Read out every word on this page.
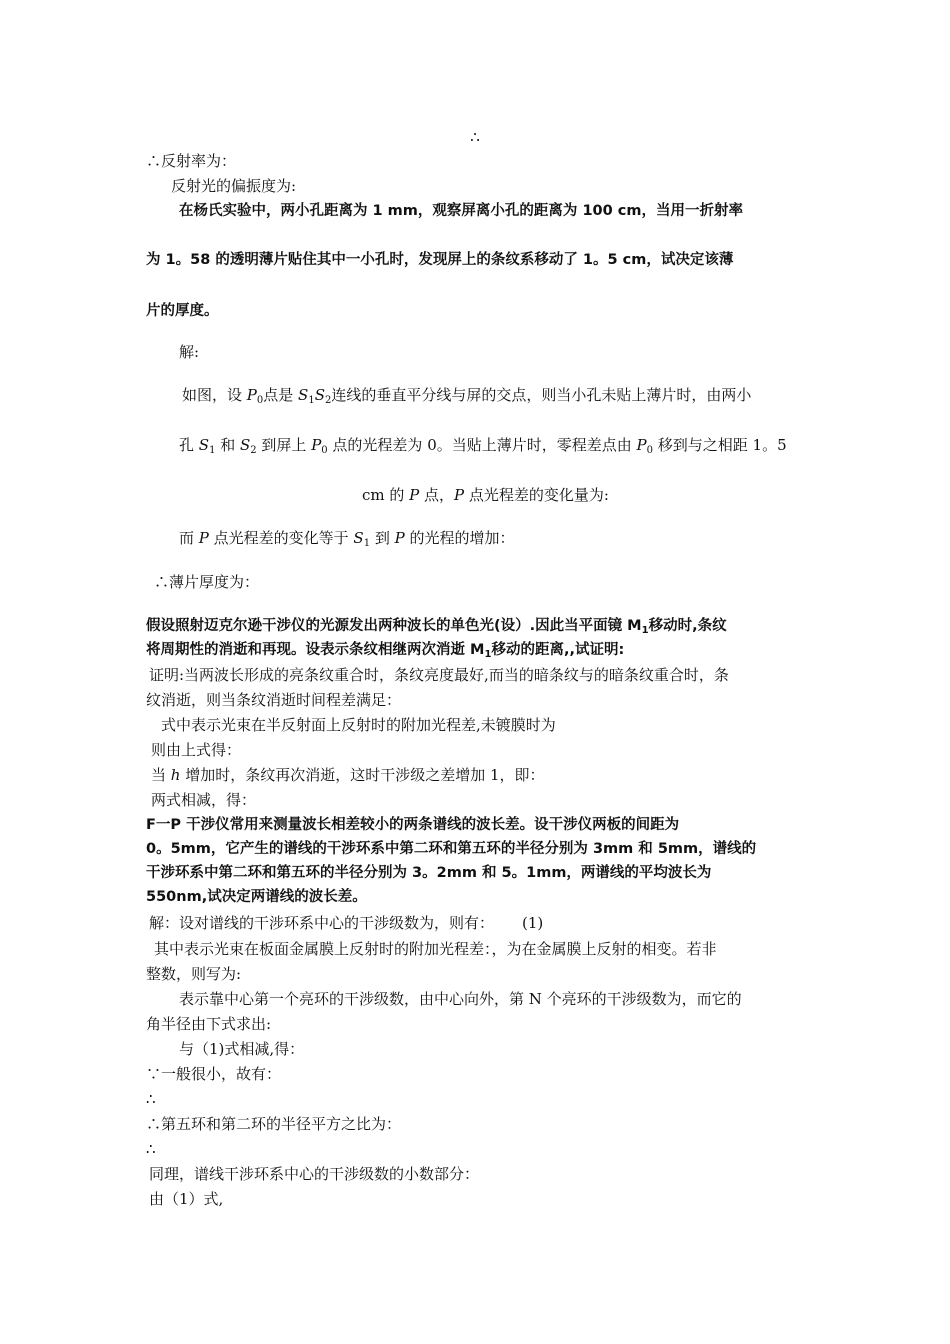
∴
∴反射率为：
反射光的偏振度为:
在杨氏实验中，两小孔距离为 1 mm，观察屏离小孔的距离为 100 cm，当用一折射率
为 1。58 的透明薄片贴住其中一小孔时，发现屏上的条纹系移动了 1。5 cm，试决定该薄
片的厚度。
解:
如图，设 $P_0$点是 $S_1S_2$连线的垂直平分线与屏的交点，则当小孔未贴上薄片时，由两小
孔 $S_1$ 和 $S_2$ 到屏上 $P_0$ 点的光程差为 0。当贴上薄片时，零程差点由 $P_0$ 移到与之相距 1。5
cm 的 P 点，P 点光程差的变化量为:
而 P 点光程差的变化等于 $S_1$ 到 P 的光程的增加：
∴薄片厚度为：
假设照射迈克尔逊干涉仪的光源发出两种波长的单色光(设）.因此当平面镜 $M_1$移动时,条纹
将周期性的消逝和再现。设表示条纹相继两次消逝 $M_1$移动的距离,,试证明:
证明:当两波长形成的亮条纹重合时，条纹亮度最好,而当的暗条纹与的暗条纹重合时，条
纹消逝，则当条纹消逝时间程差满足：
式中表示光束在半反射面上反射时的附加光程差,未镀膜时为
则由上式得：
当 h 增加时，条纹再次消逝，这时干涉级之差增加 1，即：
两式相减，得：
F一P 干涉仪常用来测量波长相差较小的两条谱线的波长差。设干涉仪两板的间距为
0。5mm，它产生的谱线的干涉环系中第二环和第五环的半径分别为 3mm 和 5mm，谱线的
干涉环系中第二环和第五环的半径分别为 3。2mm 和 5。1mm，两谱线的平均波长为
550nm,试决定两谱线的波长差。
解：设对谱线的干涉环系中心的干涉级数为，则有： (1)
其中表示光束在板面金属膜上反射时的附加光程差：，为在金属膜上反射的相变。若非
整数，则写为:
表示靠中心第一个亮环的干涉级数，由中心向外，第 N 个亮环的干涉级数为，而它的
角半径由下式求出:
与（1)式相减,得：
∵一般很小，故有：
∴
∴第五环和第二环的半径平方之比为：
∴
同理，谱线干涉环系中心的干涉级数的小数部分：
由（1）式,
